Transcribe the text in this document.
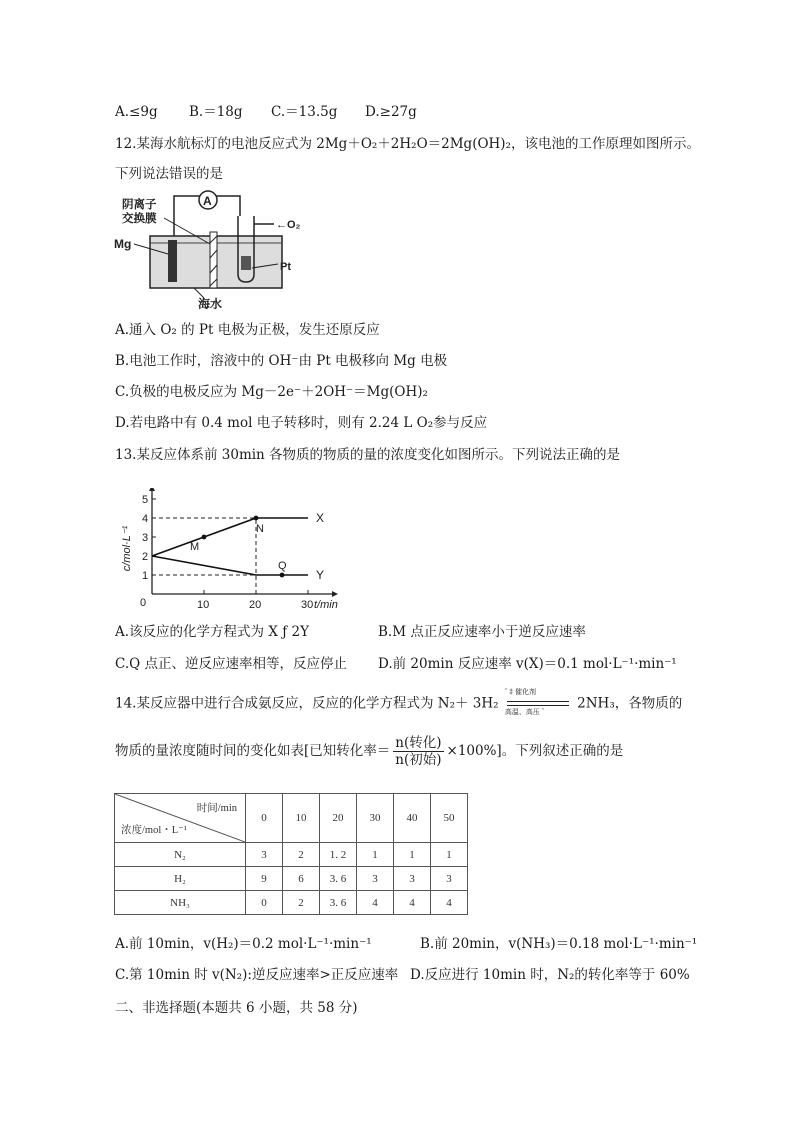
A.≤9g B.＝18g C.＝13.5g D.≥27g
12.某海水航标灯的电池反应式为 2Mg＋O₂＋2H₂O＝2Mg(OH)₂，该电池的工作原理如图所示。
下列说法错误的是
A
阴离子
交换膜
Mg
←O₂
Pt
海水
A.通入 O₂ 的 Pt 电极为正极，发生还原反应
B.电池工作时，溶液中的 OH⁻由 Pt 电极移向 Mg 电极
C.负极的电极反应为 Mg－2e⁻＋2OH⁻＝Mg(OH)₂
D.若电路中有 0.4 mol 电子转移时，则有 2.24 L O₂参与反应
13.某反应体系前 30min 各物质的物质的量的浓度变化如图所示。下列说法正确的是
1
2
3
4
5
10	20	30
0	t/min
c/mol·L⁻¹
X
Y
M
N
Q
A.该反应的化学方程式为 X ƒ 2Y	B.M 点正反应速率小于逆反应速率
C.Q 点正、逆反应速率相等，反应停止 D.前 20min 反应速率 v(X)＝0.1 mol·L⁻¹·min⁻¹
14.某反应器中进行合成氨反应，反应的化学方程式为 N₂＋ 3H₂
ˆ ‡ 催化剂
高温、高压 ˆ
2NH₃，各物质的
物质的量浓度随时间的变化如表[已知转化率＝ $\frac{\text{n(转化)}}{\text{n(初始)}} \times 100\%$]。下列叙述正确的是
时间/min
浓度/mol・L⁻¹	0	10	20	30	40	50
N₂	3	2	1. 2	1	1	1
H₂	9	6	3. 6	3	3	3
NH₃	0	2	3. 6	4	4	4
A.前 10min，v(H₂)＝0.2 mol·L⁻¹·min⁻¹	B.前 20min，v(NH₃)＝0.18 mol·L⁻¹·min⁻¹
C.第 10min 时 v(N₂):逆反应速率>正反应速率 D.反应进行 10min 时，N₂的转化率等于 60%
二、非选择题(本题共 6 小题，共 58 分)
